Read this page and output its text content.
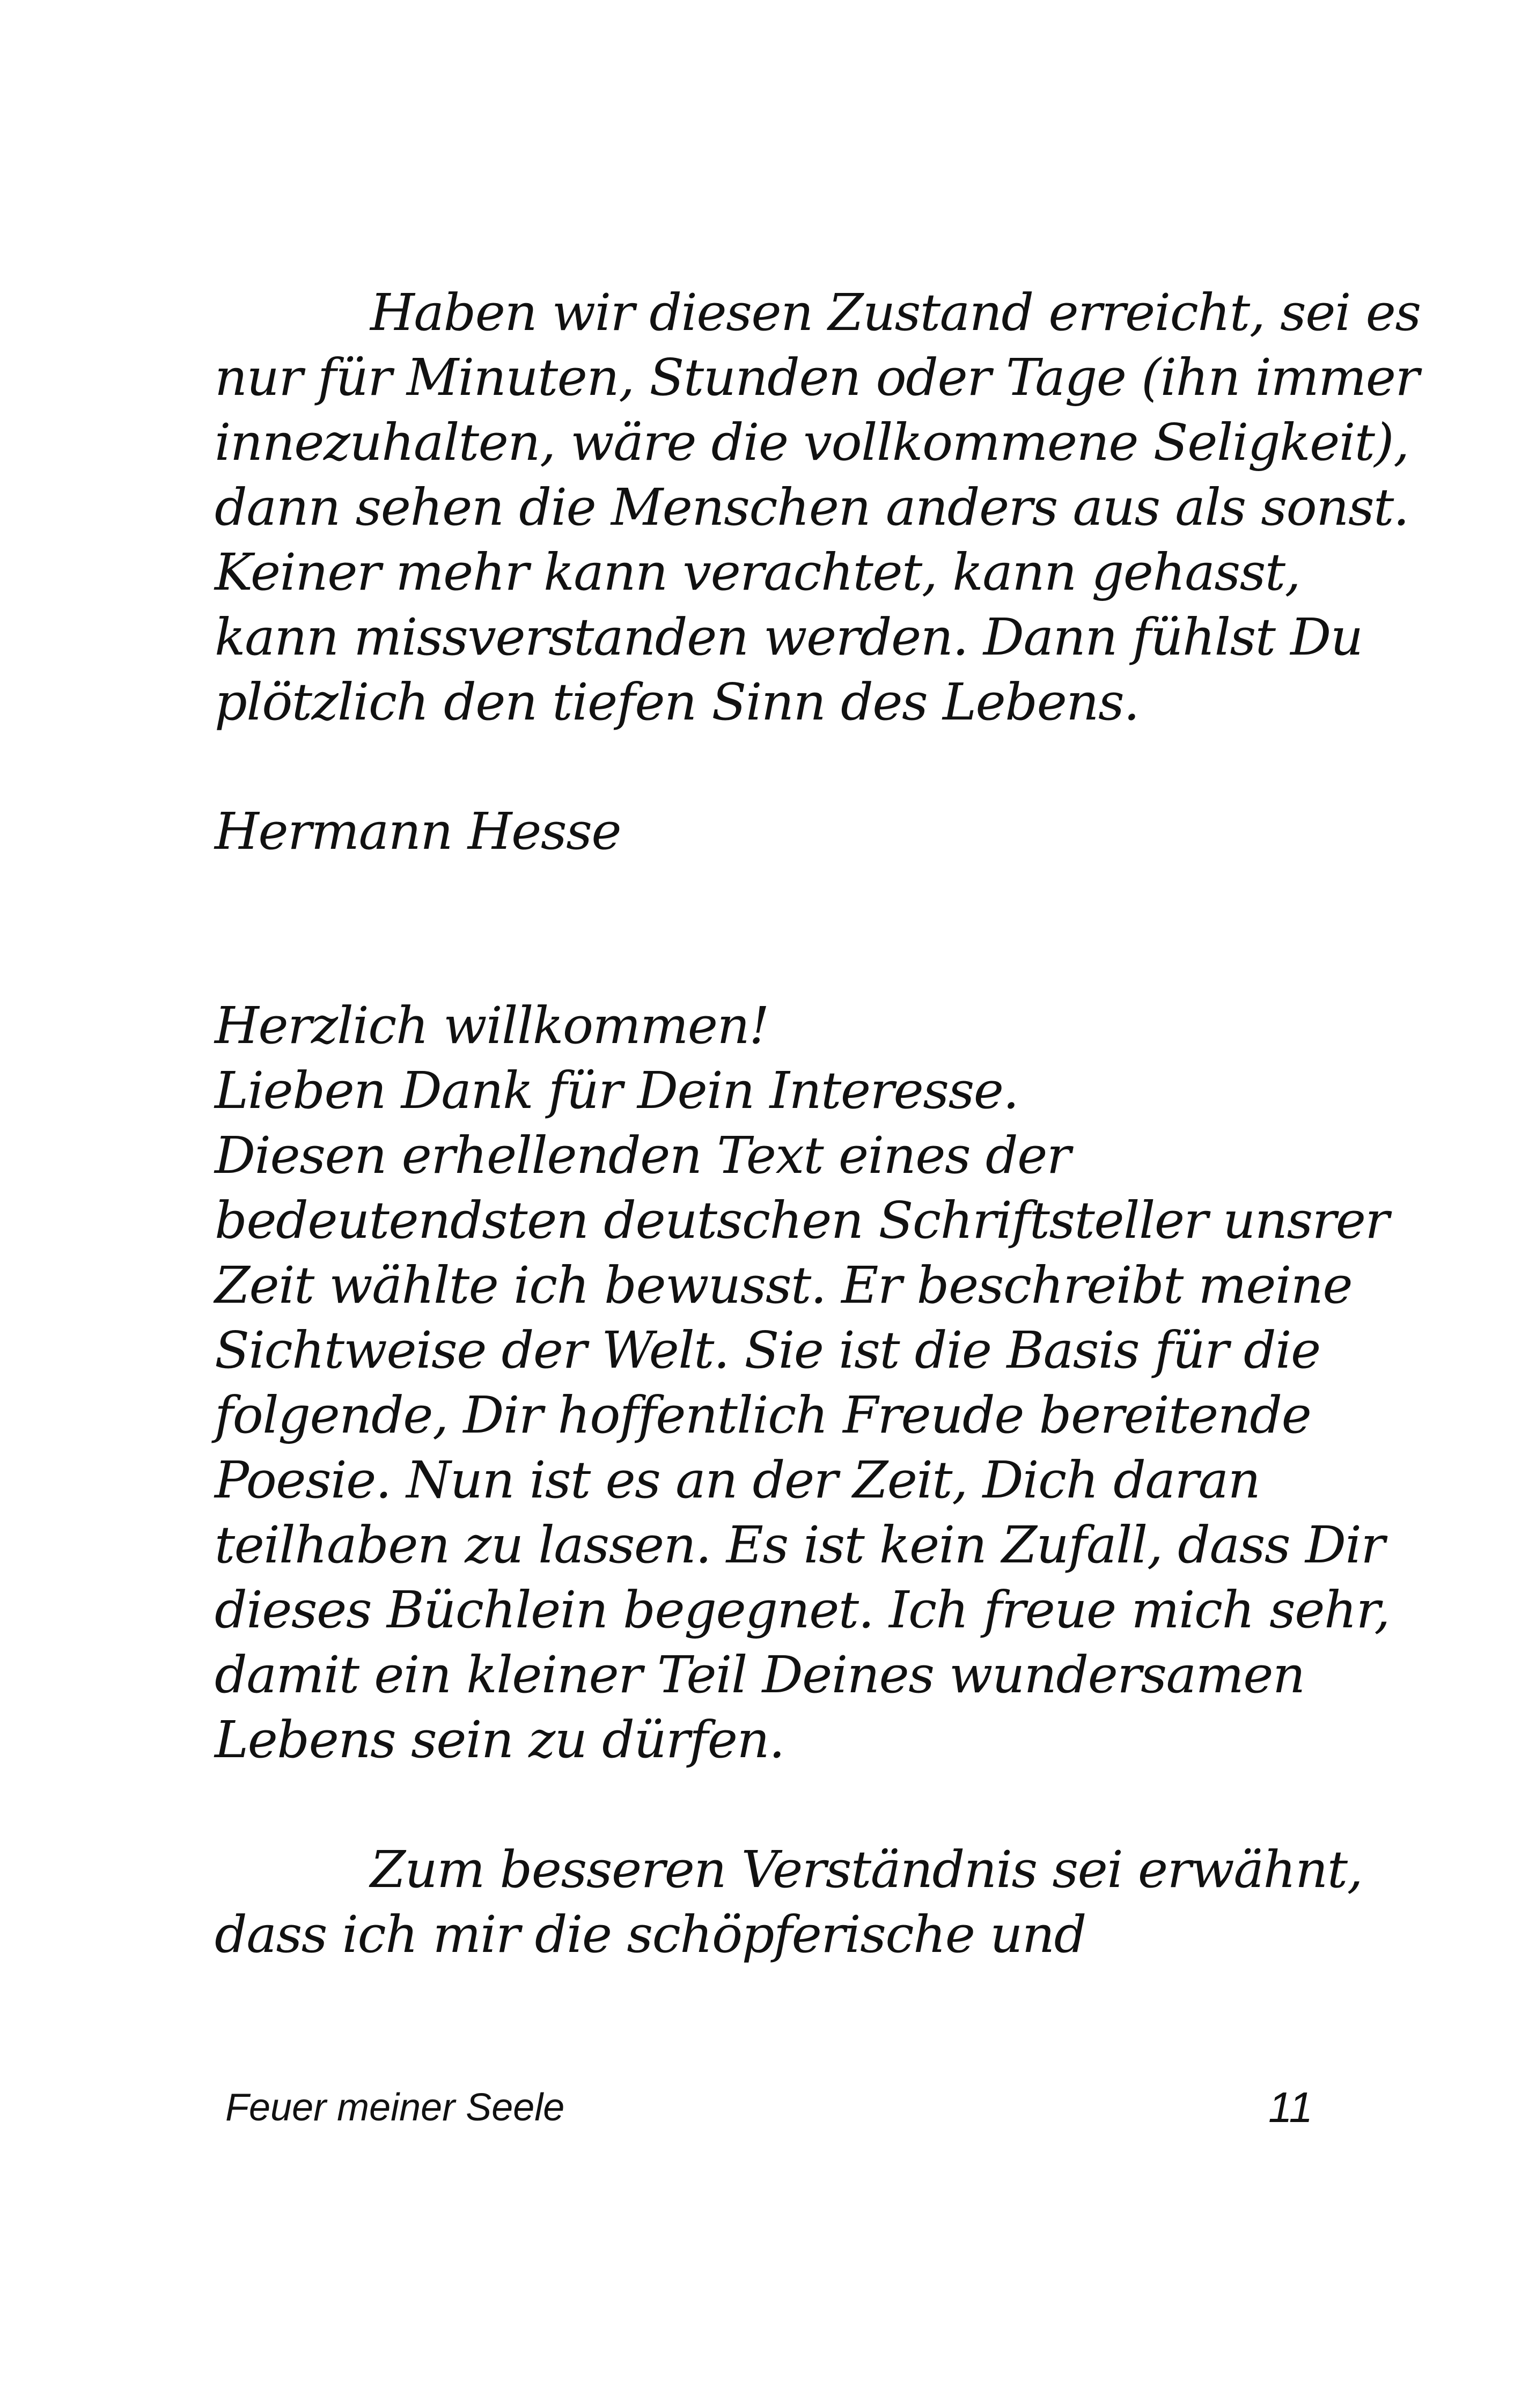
Haben wir diesen Zustand erreicht, sei es
nur für Minuten, Stunden oder Tage (ihn immer
innezuhalten, wäre die vollkommene Seligkeit),
dann sehen die Menschen anders aus als sonst.
Keiner mehr kann verachtet, kann gehasst,
kann missverstanden werden. Dann fühlst Du
plötzlich den tiefen Sinn des Lebens.
Hermann Hesse
Herzlich willkommen!
Lieben Dank für Dein Interesse.
Diesen erhellenden Text eines der
bedeutendsten deutschen Schriftsteller unsrer
Zeit wählte ich bewusst. Er beschreibt meine
Sichtweise der Welt. Sie ist die Basis für die
folgende, Dir hoffentlich Freude bereitende
Poesie. Nun ist es an der Zeit, Dich daran
teilhaben zu lassen. Es ist kein Zufall, dass Dir
dieses Büchlein begegnet. Ich freue mich sehr,
damit ein kleiner Teil Deines wundersamen
Lebens sein zu dürfen.
Zum besseren Verständnis sei erwähnt,
dass ich mir die schöpferische und
Feuer meiner Seele	11
